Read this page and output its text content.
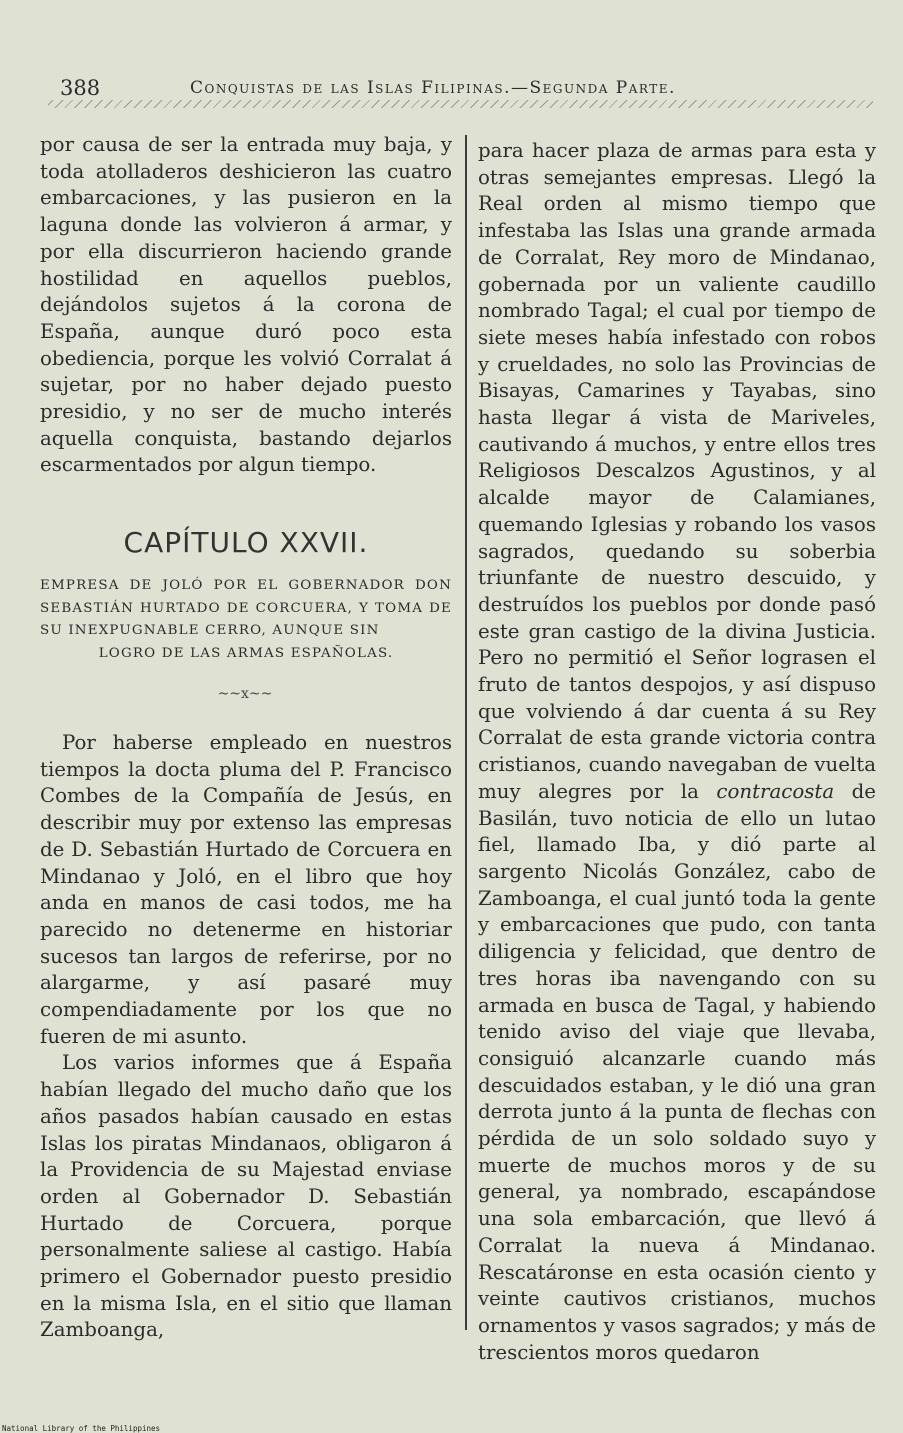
388	Conquistas de las Islas Filipinas.—Segunda Parte.

por causa de ser la entrada muy baja, y toda atolladeros deshicieron las cuatro embarcaciones, y las pusieron en la laguna donde las volvieron á armar, y por ella discurrieron haciendo grande hostilidad en aquellos pueblos, dejándolos sujetos á la corona de España, aunque duró poco esta obediencia, porque les volvió Corralat á sujetar, por no haber dejado puesto presidio, y no ser de mucho interés aquella conquista, bastando dejarlos escarmentados por algun tiempo.

CAPÍTULO XXVII.
EMPRESA DE JOLÓ POR EL GOBERNADOR DON SEBASTIÁN HURTADO DE CORCUERA, Y TOMA DE SU INEXPUGNABLE CERRO, AUNQUE SIN
LOGRO DE LAS ARMAS ESPAÑOLAS.
~~x~~

Por haberse empleado en nuestros tiempos la docta pluma del P. Francisco Combes de la Compañía de Jesús, en describir muy por extenso las empresas de D. Sebastián Hurtado de Corcuera en Mindanao y Joló, en el libro que hoy anda en manos de casi todos, me ha parecido no detenerme en historiar sucesos tan largos de referirse, por no alargarme, y así pasaré muy compendiadamente por los que no fueren de mi asunto.

Los varios informes que á España habían llegado del mucho daño que los años pasados habían causado en estas Islas los piratas Mindanaos, obligaron á la Providencia de su Majestad enviase orden al Gobernador D. Sebastián Hurtado de Corcuera, porque personalmente saliese al castigo. Había primero el Gobernador puesto presidio en la misma Isla, en el sitio que llaman Zamboanga,

para hacer plaza de armas para esta y otras semejantes empresas. Llegó la Real orden al mismo tiempo que infestaba las Islas una grande armada de Corralat, Rey moro de Mindanao, gobernada por un valiente caudillo nombrado Tagal; el cual por tiempo de siete meses había infestado con robos y crueldades, no solo las Provincias de Bisayas, Camarines y Tayabas, sino hasta llegar á vista de Mariveles, cautivando á muchos, y entre ellos tres Religiosos Descalzos Agustinos, y al alcalde mayor de Calamianes, quemando Iglesias y robando los vasos sagrados, quedando su soberbia triunfante de nuestro descuido, y destruídos los pueblos por donde pasó este gran castigo de la divina Justicia. Pero no permitió el Señor lograsen el fruto de tantos despojos, y así dispuso que volviendo á dar cuenta á su Rey Corralat de esta grande victoria contra cristianos, cuando navegaban de vuelta muy alegres por la contracosta de Basilán, tuvo noticia de ello un lutao fiel, llamado Iba, y dió parte al sargento Nicolás González, cabo de Zamboanga, el cual juntó toda la gente y embarcaciones que pudo, con tanta diligencia y felicidad, que dentro de tres horas iba navengando con su armada en busca de Tagal, y habiendo tenido aviso del viaje que llevaba, consiguió alcanzarle cuando más descuidados estaban, y le dió una gran derrota junto á la punta de flechas con pérdida de un solo soldado suyo y muerte de muchos moros y de su general, ya nombrado, escapándose una sola embarcación, que llevó á Corralat la nueva á Mindanao. Rescatáronse en esta ocasión ciento y veinte cautivos cristianos, muchos ornamentos y vasos sagrados; y más de trescientos moros quedaron

National Library of the Philippines
